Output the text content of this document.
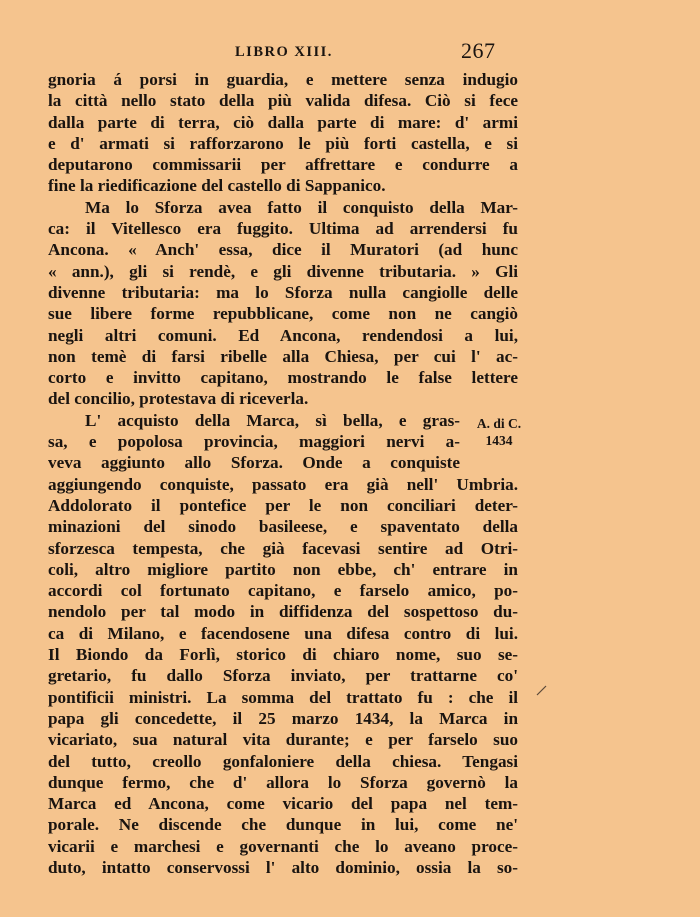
LIBRO XIII.	267
gnoria á porsi in guardia, e mettere senza indugio
la città nello stato della più valida difesa. Ciò si fece
dalla parte di terra, ciò dalla parte di mare: d' armi
e d' armati si rafforzarono le più forti castella, e si
deputarono commissarii per affrettare e condurre a
fine la riedificazione del castello di Sappanico.
Ma lo Sforza avea fatto il conquisto della Mar-
ca: il Vitellesco era fuggito. Ultima ad arrendersi fu
Ancona. « Anch' essa, dice il Muratori (ad hunc
« ann.), gli si rendè, e gli divenne tributaria. » Gli
divenne tributaria: ma lo Sforza nulla cangiolle delle
sue libere forme repubblicane, come non ne cangiò
negli altri comuni. Ed Ancona, rendendosi a lui,
non temè di farsi ribelle alla Chiesa, per cui l' ac-
corto e invitto capitano, mostrando le false lettere
del concilio, protestava di riceverla.
L' acquisto della Marca, sì bella, e gras-
sa, e popolosa provincia, maggiori nervi a-
veva aggiunto allo Sforza. Onde a conquiste
aggiungendo conquiste, passato era già nell' Umbria.
Addolorato il pontefice per le non conciliari deter-
minazioni del sinodo basileese, e spaventato della
sforzesca tempesta, che già facevasi sentire ad Otri-
coli, altro migliore partito non ebbe, ch' entrare in
accordi col fortunato capitano, e farselo amico, po-
nendolo per tal modo in diffidenza del sospettoso du-
ca di Milano, e facendosene una difesa contro di lui.
Il Biondo da Forlì, storico di chiaro nome, suo se-
gretario, fu dallo Sforza inviato, per trattarne co'
pontificii ministri. La somma del trattato fu : che il
papa gli concedette, il 25 marzo 1434, la Marca in
vicariato, sua natural vita durante; e per farselo suo
del tutto, creollo gonfaloniere della chiesa. Tengasi
dunque fermo, che d' allora lo Sforza governò la
Marca ed Ancona, come vicario del papa nel tem-
porale. Ne discende che dunque in lui, come ne'
vicarii e marchesi e governanti che lo aveano proce-
duto, intatto conservossi l' alto dominio, ossia la so-
A. di C.
1434
